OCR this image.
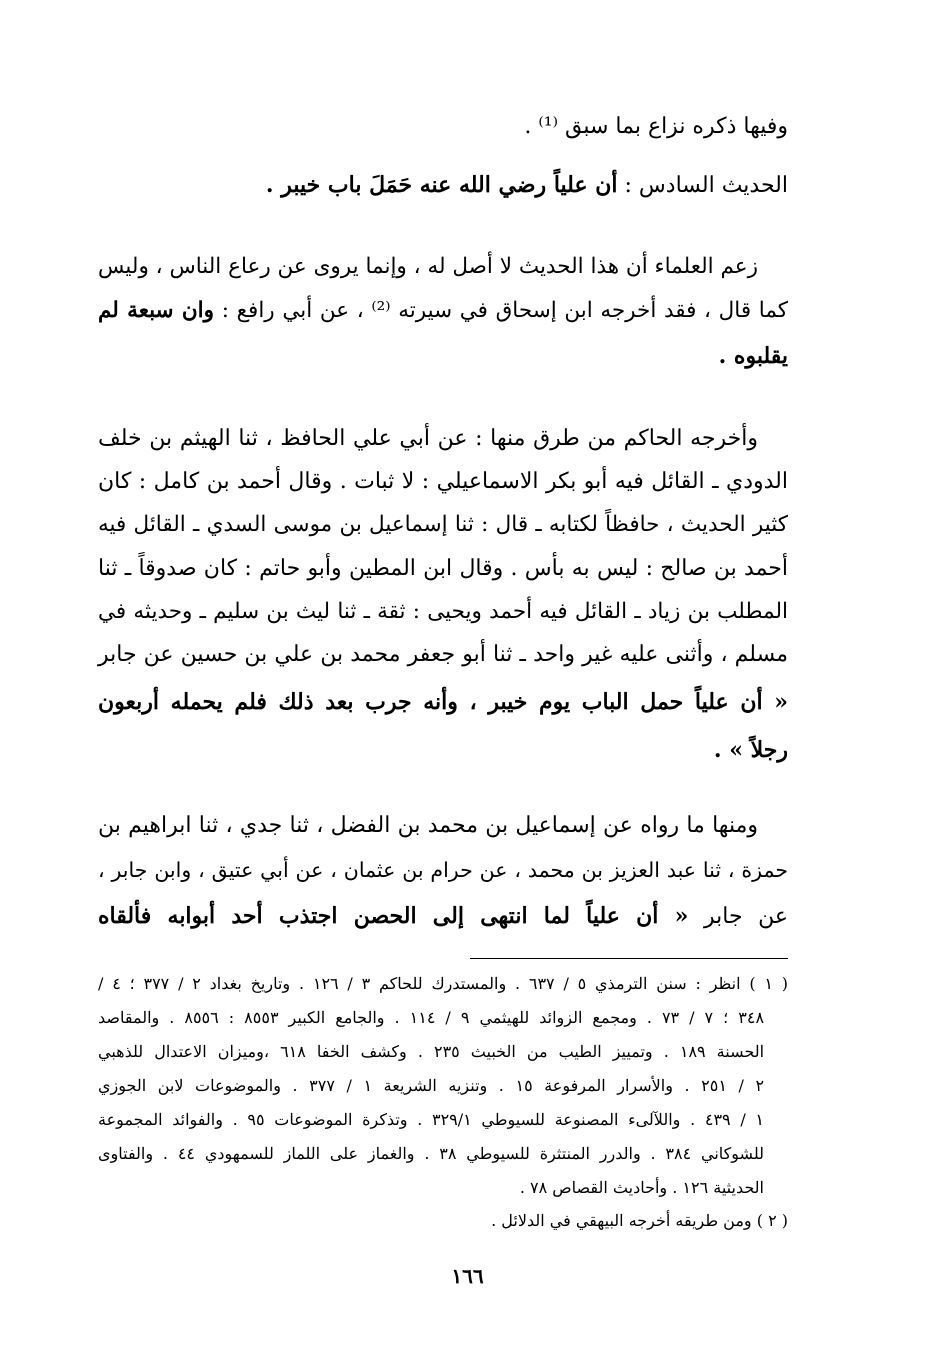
وفيها ذكره نزاع بما سبق ⁽¹⁾ .
الحديث السادس : أن علياً رضي الله عنه حَمَلَ باب خيبر .
زعم العلماء أن هذا الحديث لا أصل له ، وإنما يروى عن رعاع الناس ، وليس
كما قال ، فقد أخرجه ابن إسحاق في سيرته ⁽²⁾ ، عن أبي رافع : وان سبعة لم
يقلبوه .
وأخرجه الحاكم من طرق منها : عن أبي علي الحافظ ، ثنا الهيثم بن خلف
الدودي ـ القائل فيه أبو بكر الاسماعيلي : لا ثبات . وقال أحمد بن كامل : كان
كثير الحديث ، حافظاً لكتابه ـ قال : ثنا إسماعيل بن موسى السدي ـ القائل فيه
أحمد بن صالح : ليس به بأس . وقال ابن المطين وأبو حاتم : كان صدوقاً ـ ثنا
المطلب بن زياد ـ القائل فيه أحمد ويحيى : ثقة ـ ثنا ليث بن سليم ـ وحديثه في
مسلم ، وأثنى عليه غير واحد ـ ثنا أبو جعفر محمد بن علي بن حسين عن جابر
« أن علياً حمل الباب يوم خيبر ، وأنه جرب بعد ذلك فلم يحمله أربعون
رجلاً » .
ومنها ما رواه عن إسماعيل بن محمد بن الفضل ، ثنا جدي ، ثنا ابراهيم بن
حمزة ، ثنا عبد العزيز بن محمد ، عن حرام بن عثمان ، عن أبي عتيق ، وابن جابر ،
عن جابر « أن علياً لما انتهى إلى الحصن اجتذب أحد أبوابه فألقاه
( ١ ) انظر : سنن الترمذي ٥ / ٦٣٧ . والمستدرك للحاكم ٣ / ١٢٦ . وتاريخ بغداد ٢ / ٣٧٧ ؛ ٤ /
٣٤٨ ؛ ٧ / ٧٣ . ومجمع الزوائد للهيثمي ٩ / ١١٤ . والجامع الكبير ٨٥٥٣ : ٨٥٥٦ . والمقاصد
الحسنة ١٨٩ . وتمييز الطيب من الخبيث ٢٣٥ . وكشف الخفا ٦١٨ ،وميزان الاعتدال للذهبي
٢ / ٢٥١ . والأسرار المرفوعة ١٥ . وتنزيه الشريعة ١ / ٣٧٧ . والموضوعات لابن الجوزي
١ / ٤٣٩ . واللآلىء المصنوعة للسيوطي ٣٢٩/١ . وتذكرة الموضوعات ٩٥ . والفوائد المجموعة
للشوكاني ٣٨٤ . والدرر المنتثرة للسيوطي ٣٨ . والغماز على اللماز للسمهودي ٤٤ . والفتاوى
الحديثية ١٢٦ . وأحاديث القصاص ٧٨ .
( ٢ ) ومن طريقه أخرجه البيهقي في الدلائل .
١٦٦
